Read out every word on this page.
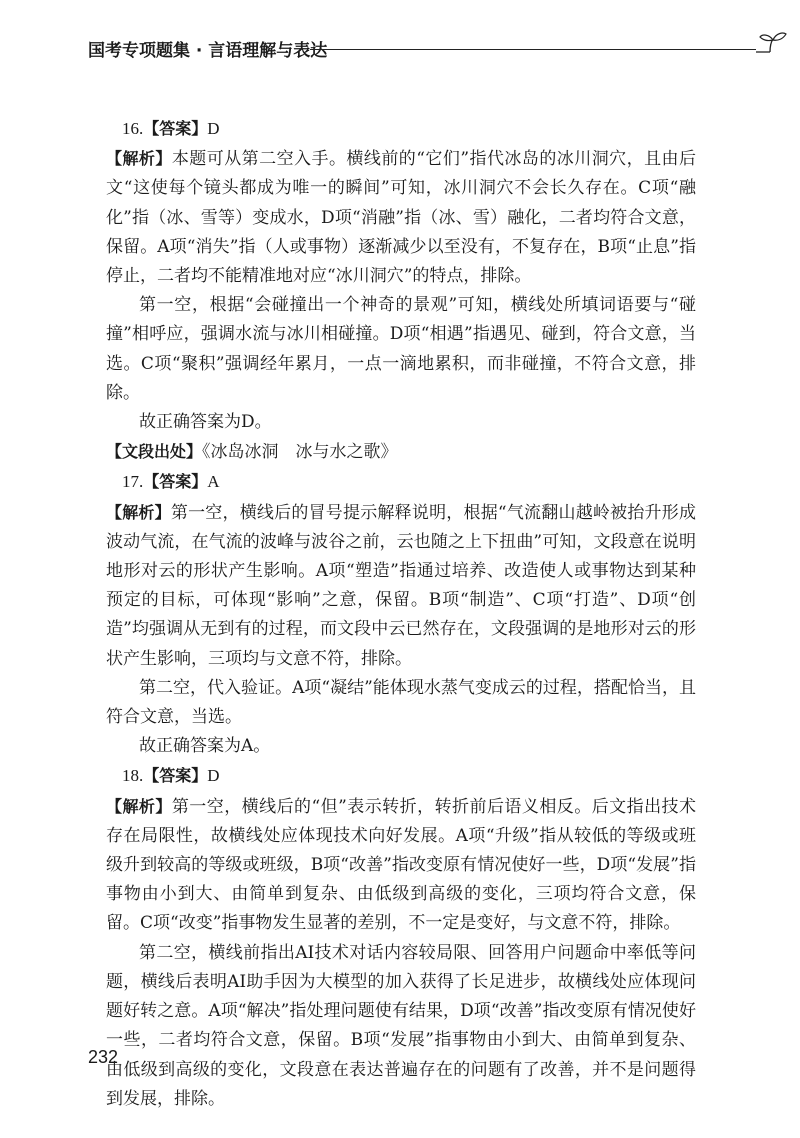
国考专项题集 · 言语理解与表达

16.【答案】D

【解析】本题可从第二空入手。横线前的“它们”指代冰岛的冰川洞穴，且由后文“这使每个镜头都成为唯一的瞬间”可知，冰川洞穴不会长久存在。C项“融化”指（冰、雪等）变成水，D项“消融”指（冰、雪）融化，二者均符合文意，保留。A项“消失”指（人或事物）逐渐减少以至没有，不复存在，B项“止息”指停止，二者均不能精准地对应“冰川洞穴”的特点，排除。

第一空，根据“会碰撞出一个神奇的景观”可知，横线处所填词语要与“碰撞”相呼应，强调水流与冰川相碰撞。D项“相遇”指遇见、碰到，符合文意，当选。C项“聚积”强调经年累月，一点一滴地累积，而非碰撞，不符合文意，排除。

故正确答案为D。

【文段出处】《冰岛冰洞　冰与水之歌》

17.【答案】A

【解析】第一空，横线后的冒号提示解释说明，根据“气流翻山越岭被抬升形成波动气流，在气流的波峰与波谷之前，云也随之上下扭曲”可知，文段意在说明地形对云的形状产生影响。A项“塑造”指通过培养、改造使人或事物达到某种预定的目标，可体现“影响”之意，保留。B项“制造”、C项“打造”、D项“创造”均强调从无到有的过程，而文段中云已然存在，文段强调的是地形对云的形状产生影响，三项均与文意不符，排除。

第二空，代入验证。A项“凝结”能体现水蒸气变成云的过程，搭配恰当，且符合文意，当选。

故正确答案为A。

18.【答案】D

【解析】第一空，横线后的“但”表示转折，转折前后语义相反。后文指出技术存在局限性，故横线处应体现技术向好发展。A项“升级”指从较低的等级或班级升到较高的等级或班级，B项“改善”指改变原有情况使好一些，D项“发展”指事物由小到大、由简单到复杂、由低级到高级的变化，三项均符合文意，保留。C项“改变”指事物发生显著的差别，不一定是变好，与文意不符，排除。

第二空，横线前指出AI技术对话内容较局限、回答用户问题命中率低等问题，横线后表明AI助手因为大模型的加入获得了长足进步，故横线处应体现问题好转之意。A项“解决”指处理问题使有结果，D项“改善”指改变原有情况使好一些，二者均符合文意，保留。B项“发展”指事物由小到大、由简单到复杂、由低级到高级的变化，文段意在表达普遍存在的问题有了改善，并不是问题得到发展，排除。

232
